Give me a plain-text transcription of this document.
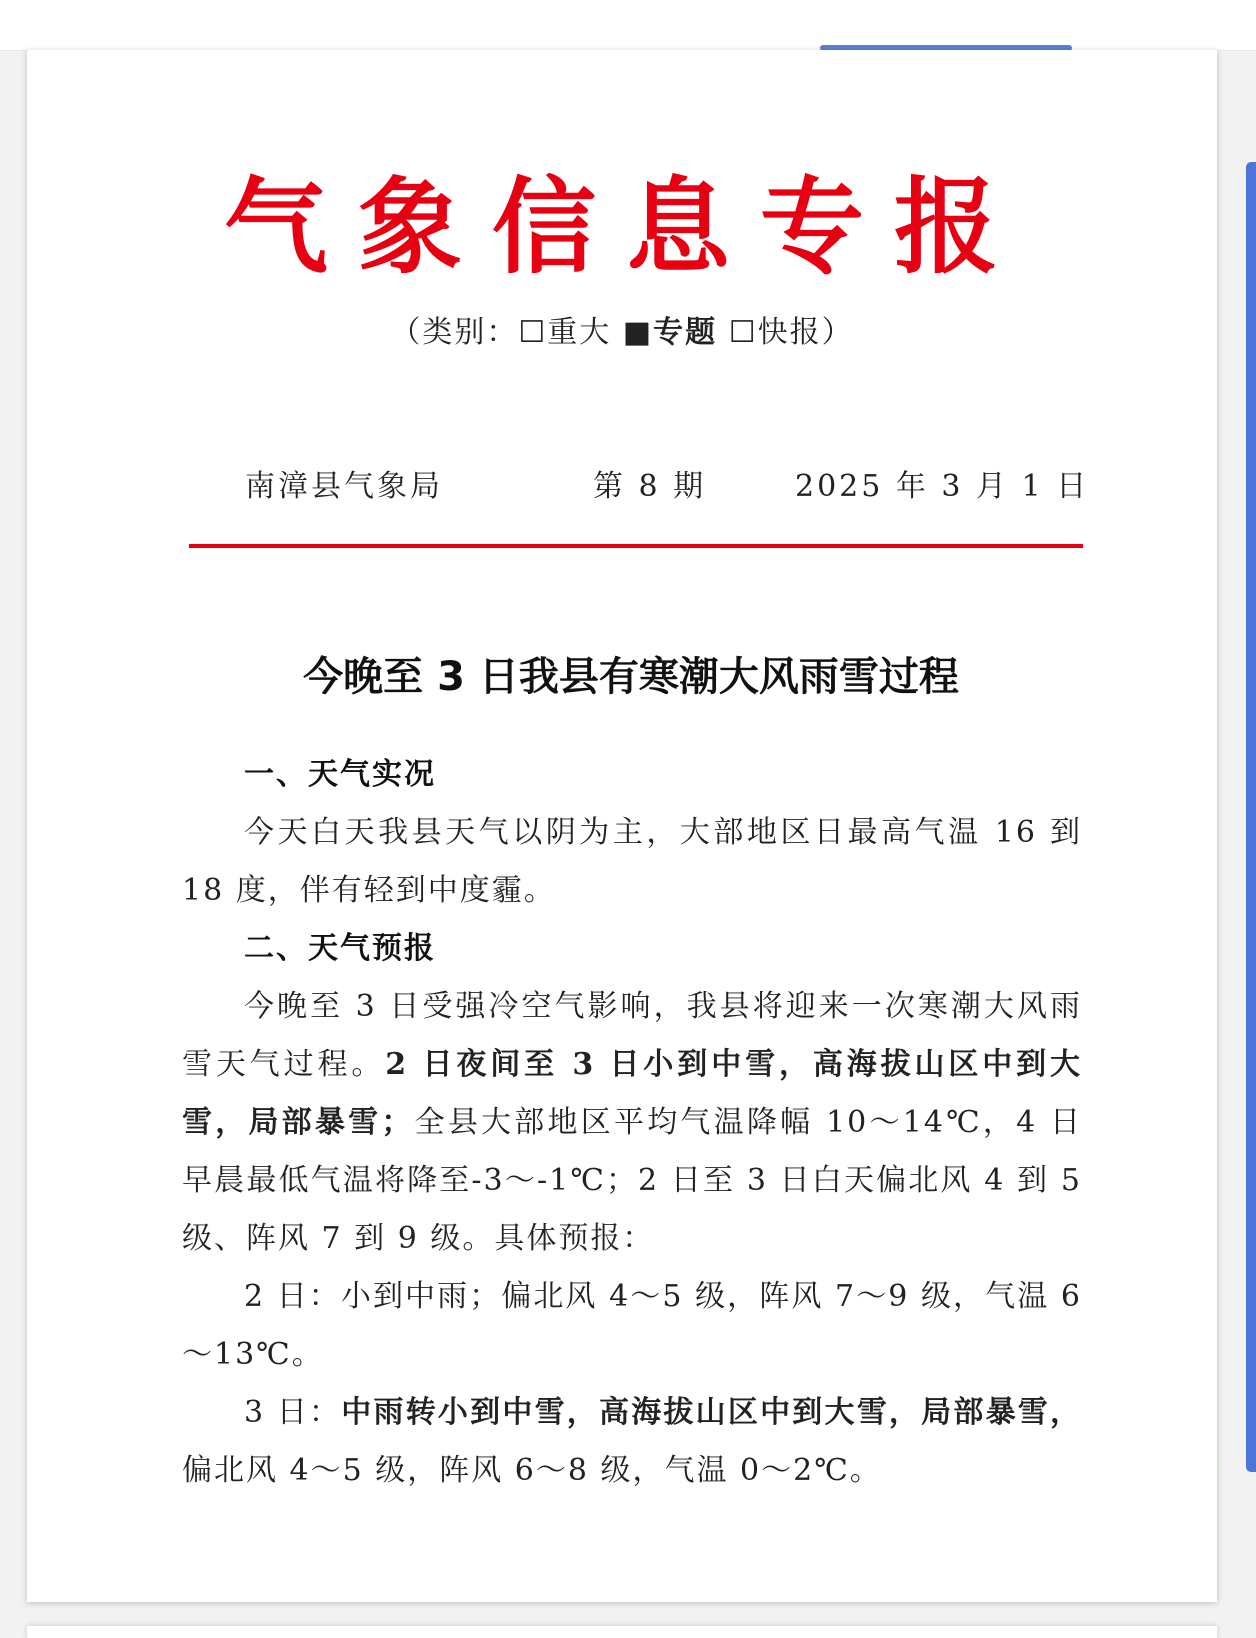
气象信息专报
（类别：☐重大 ■专题 ☐快报）
南漳县气象局	第 8 期	2025 年 3 月 1 日
今晚至 3 日我县有寒潮大风雨雪过程
一、天气实况

今天白天我县天气以阴为主，大部地区日最高气温 16 到 18 度，伴有轻到中度霾。

二、天气预报

今晚至 3 日受强冷空气影响，我县将迎来一次寒潮大风雨雪天气过程。2 日夜间至 3 日小到中雪，高海拔山区中到大雪，局部暴雪；全县大部地区平均气温降幅 10～14℃，4 日早晨最低气温将降至-3～-1℃；2 日至 3 日白天偏北风 4 到 5 级、阵风 7 到 9 级。具体预报：

2 日：小到中雨；偏北风 4～5 级，阵风 7～9 级，气温 6～13℃。

3 日：中雨转小到中雪，高海拔山区中到大雪，局部暴雪，偏北风 4～5 级，阵风 6～8 级，气温 0～2℃。
